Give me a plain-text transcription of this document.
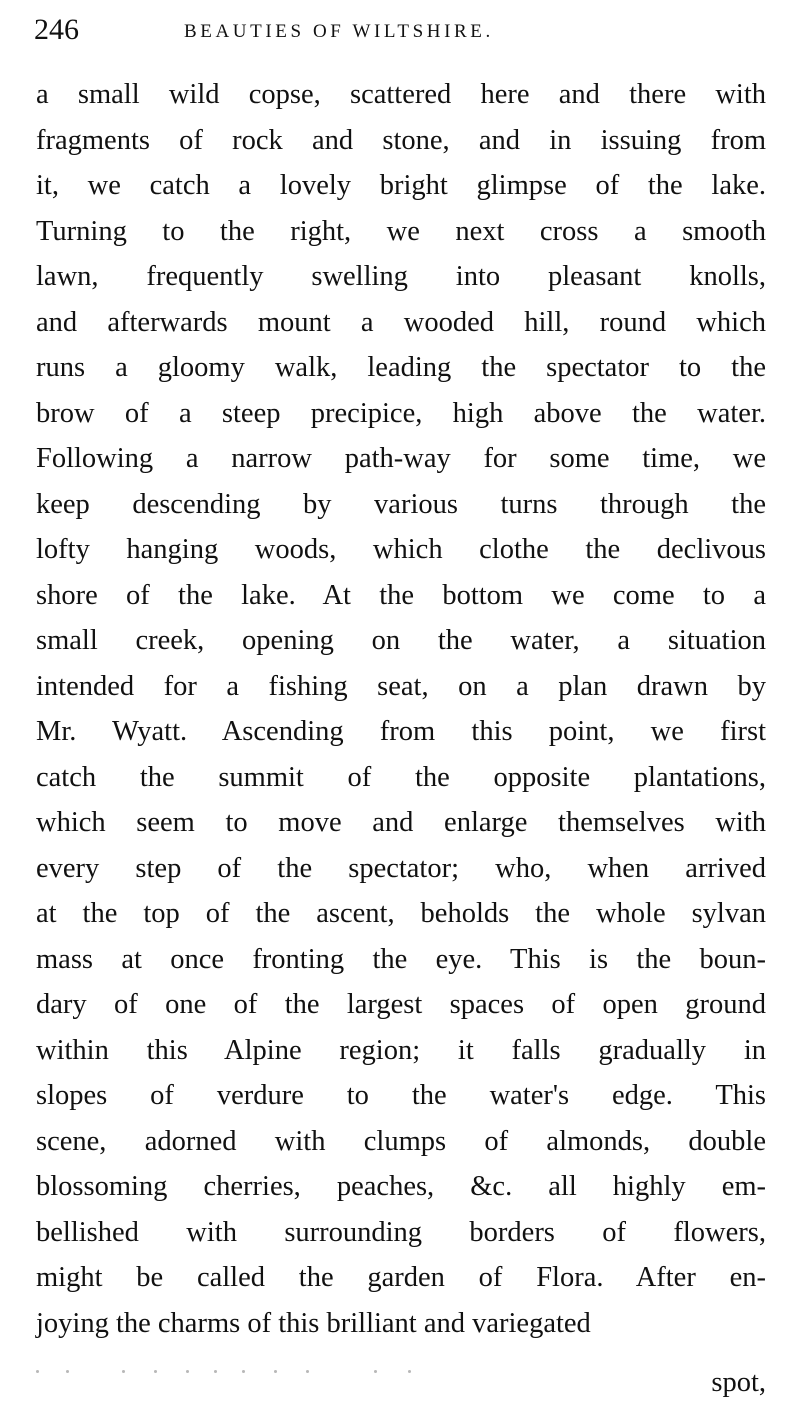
246	BEAUTIES OF WILTSHIRE.
a small wild copse, scattered here and there with
fragments of rock and stone, and in issuing from
it, we catch a lovely bright glimpse of the lake.
Turning to the right, we next cross a smooth
lawn, frequently swelling into pleasant knolls,
and afterwards mount a wooded hill, round which
runs a gloomy walk, leading the spectator to the
brow of a steep precipice, high above the water.
Following a narrow path-way for some time, we
keep descending by various turns through the
lofty hanging woods, which clothe the declivous
shore of the lake. At the bottom we come to a
small creek, opening on the water, a situation
intended for a fishing seat, on a plan drawn by
Mr. Wyatt. Ascending from this point, we first
catch the summit of the opposite plantations,
which seem to move and enlarge themselves with
every step of the spectator; who, when arrived
at the top of the ascent, beholds the whole sylvan
mass at once fronting the eye. This is the boun-
dary of one of the largest spaces of open ground
within this Alpine region; it falls gradually in
slopes of verdure to the water's edge. This
scene, adorned with clumps of almonds, double
blossoming cherries, peaches, &c. all highly em-
bellished with surrounding borders of flowers,
might be called the garden of Flora. After en-
joying the charms of this brilliant and variegated
spot,
